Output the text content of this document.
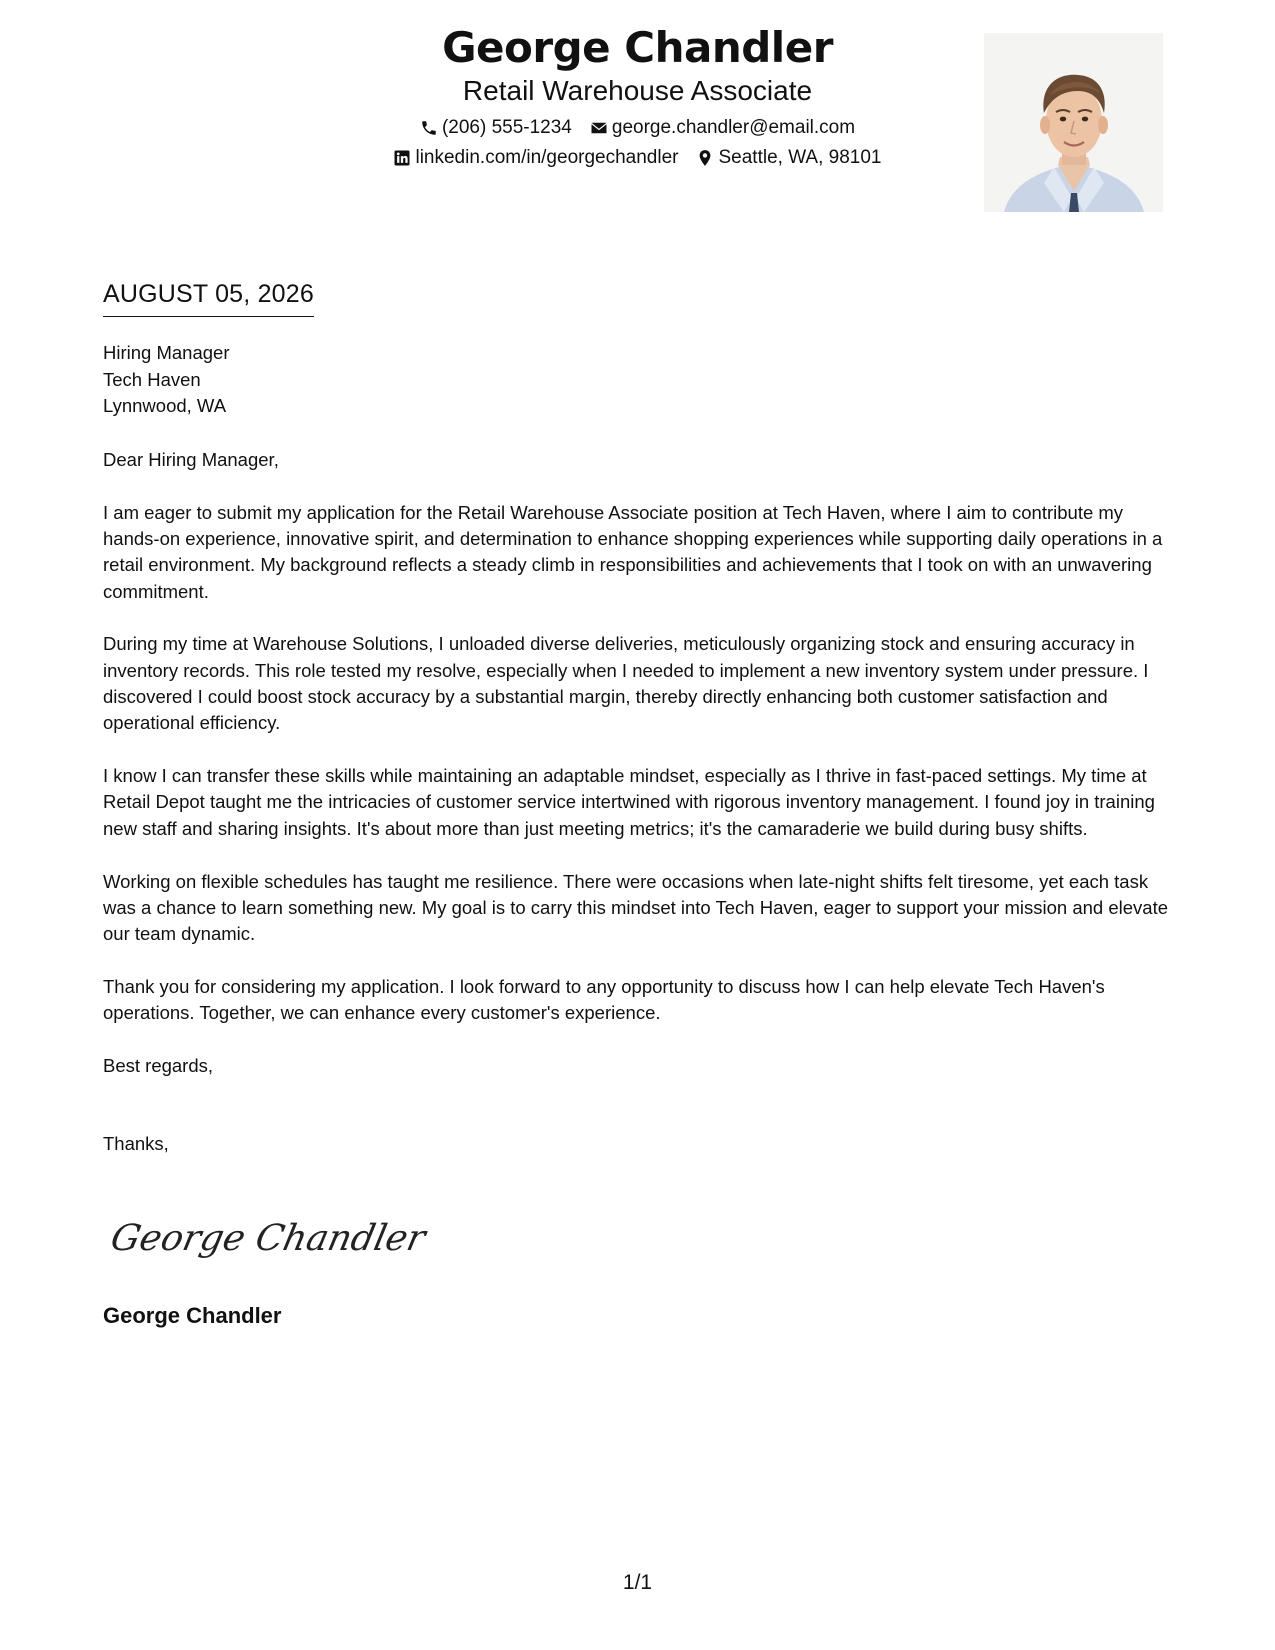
George Chandler
Retail Warehouse Associate
(206) 555-1234 george.chandler@email.com
linkedin.com/in/georgechandler Seattle, WA, 98101
AUGUST 05, 2026
Hiring Manager
Tech Haven
Lynnwood, WA

Dear Hiring Manager,

I am eager to submit my application for the Retail Warehouse Associate position at Tech Haven, where I aim to contribute my hands-on experience, innovative spirit, and determination to enhance shopping experiences while supporting daily operations in a retail environment. My background reflects a steady climb in responsibilities and achievements that I took on with an unwavering commitment.

During my time at Warehouse Solutions, I unloaded diverse deliveries, meticulously organizing stock and ensuring accuracy in inventory records. This role tested my resolve, especially when I needed to implement a new inventory system under pressure. I discovered I could boost stock accuracy by a substantial margin, thereby directly enhancing both customer satisfaction and operational efficiency.

I know I can transfer these skills while maintaining an adaptable mindset, especially as I thrive in fast-paced settings. My time at Retail Depot taught me the intricacies of customer service intertwined with rigorous inventory management. I found joy in training new staff and sharing insights. It's about more than just meeting metrics; it's the camaraderie we build during busy shifts.

Working on flexible schedules has taught me resilience. There were occasions when late-night shifts felt tiresome, yet each task was a chance to learn something new. My goal is to carry this mindset into Tech Haven, eager to support your mission and elevate our team dynamic.

Thank you for considering my application. I look forward to any opportunity to discuss how I can help elevate Tech Haven's operations. Together, we can enhance every customer's experience.

Best regards,

Thanks,

George Chandler
George Chandler
1/1
